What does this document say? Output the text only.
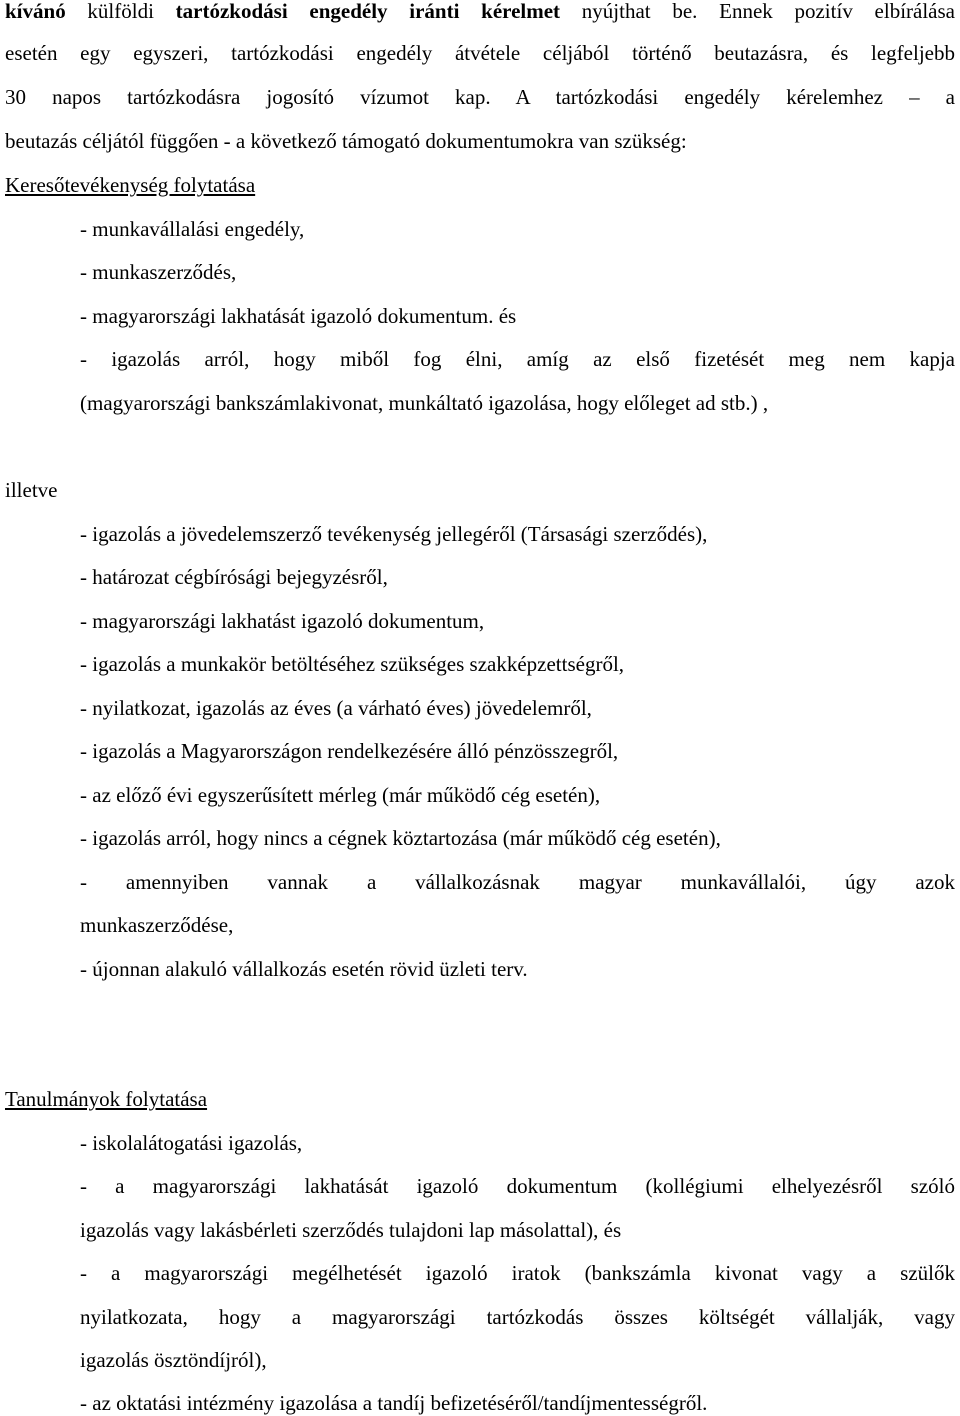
kívánó külföldi tartózkodási engedély iránti kérelmet nyújthat be. Ennek pozitív elbírálása
esetén egy egyszeri, tartózkodási engedély átvétele céljából történő beutazásra, és legfeljebb
30 napos tartózkodásra jogosító vízumot kap. A tartózkodási engedély kérelemhez – a
beutazás céljától függően - a következő támogató dokumentumokra van szükség:
Keresőtevékenység folytatása
- munkavállalási engedély,
- munkaszerződés,
- magyarországi lakhatását igazoló dokumentum. és
- igazolás arról, hogy miből fog élni, amíg az első fizetését meg nem kapja
(magyarországi bankszámlakivonat, munkáltató igazolása, hogy előleget ad stb.) ,
illetve
- igazolás a jövedelemszerző tevékenység jellegéről (Társasági szerződés),
- határozat cégbírósági bejegyzésről,
- magyarországi lakhatást igazoló dokumentum,
- igazolás a munkakör betöltéséhez szükséges szakképzettségről,
- nyilatkozat, igazolás az éves (a várható éves) jövedelemről,
- igazolás a Magyarországon rendelkezésére álló pénzösszegről,
- az előző évi egyszerűsített mérleg (már működő cég esetén),
- igazolás arról, hogy nincs a cégnek köztartozása (már működő cég esetén),
- amennyiben vannak a vállalkozásnak magyar munkavállalói, úgy azok
munkaszerződése,
- újonnan alakuló vállalkozás esetén rövid üzleti terv.
Tanulmányok folytatása
- iskolalátogatási igazolás,
- a magyarországi lakhatását igazoló dokumentum (kollégiumi elhelyezésről szóló
igazolás vagy lakásbérleti szerződés tulajdoni lap másolattal), és
- a magyarországi megélhetését igazoló iratok (bankszámla kivonat vagy a szülők
nyilatkozata, hogy a magyarországi tartózkodás összes költségét vállalják, vagy
igazolás ösztöndíjról),
- az oktatási intézmény igazolása a tandíj befizetéséről/tandíjmentességről.
